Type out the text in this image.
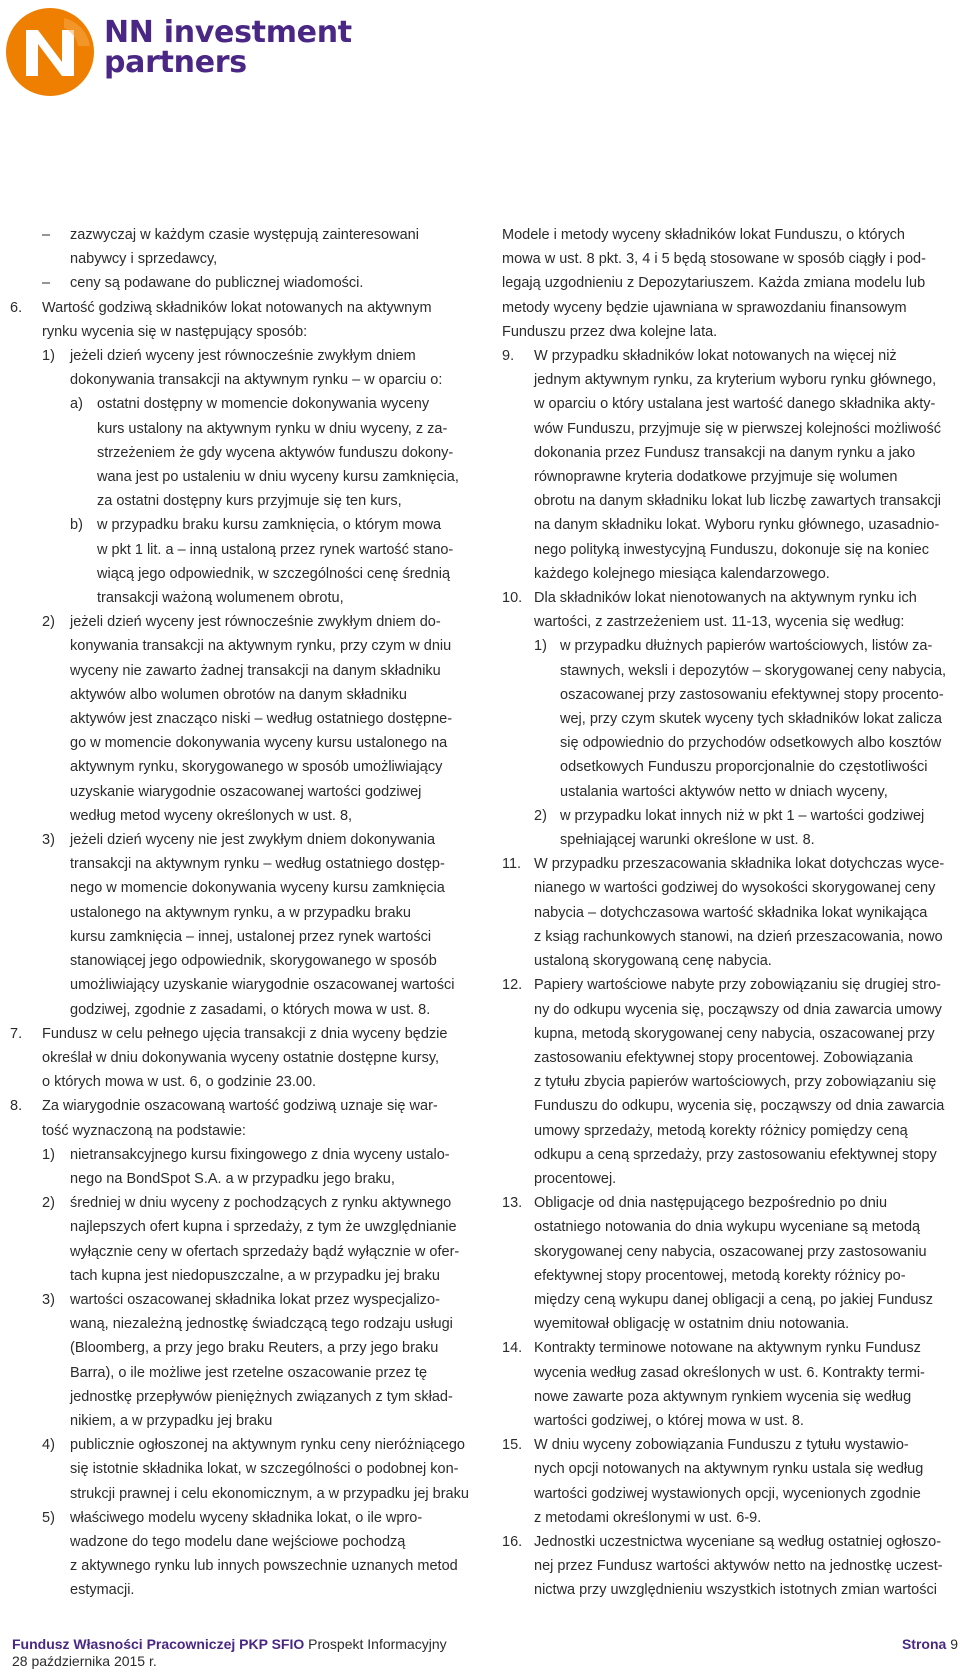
NN investment
partners
–	zazwyczaj w każdym czasie występują zainteresowani
nabywcy i sprzedawcy,
–	ceny są podawane do publicznej wiadomości.
6.	Wartość godziwą składników lokat notowanych na aktywnym
rynku wycenia się w następujący sposób:
1)	jeżeli dzień wyceny jest równocześnie zwykłym dniem
dokonywania transakcji na aktywnym rynku – w oparciu o:
a) ostatni dostępny w momencie dokonywania wyceny
kurs ustalony na aktywnym rynku w dniu wyceny, z za-
strzeżeniem że gdy wycena aktywów funduszu dokony-
wana jest po ustaleniu w dniu wyceny kursu zamknięcia,
za ostatni dostępny kurs przyjmuje się ten kurs,
b) w przypadku braku kursu zamknięcia, o którym mowa
w pkt 1 lit. a – inną ustaloną przez rynek wartość stano-
wiącą jego odpowiednik, w szczególności cenę średnią
transakcji ważoną wolumenem obrotu,
2)	jeżeli dzień wyceny jest równocześnie zwykłym dniem do-
konywania transakcji na aktywnym rynku, przy czym w dniu
wyceny nie zawarto żadnej transakcji na danym składniku
aktywów albo wolumen obrotów na danym składniku
aktywów jest znacząco niski – według ostatniego dostępne-
go w momencie dokonywania wyceny kursu ustalonego na
aktywnym rynku, skorygowanego w sposób umożliwiający
uzyskanie wiarygodnie oszacowanej wartości godziwej
według metod wyceny określonych w ust. 8,
3)	jeżeli dzień wyceny nie jest zwykłym dniem dokonywania
transakcji na aktywnym rynku – według ostatniego dostęp-
nego w momencie dokonywania wyceny kursu zamknięcia
ustalonego na aktywnym rynku, a w przypadku braku
kursu zamknięcia – innej, ustalonej przez rynek wartości
stanowiącej jego odpowiednik, skorygowanego w sposób
umożliwiający uzyskanie wiarygodnie oszacowanej wartości
godziwej, zgodnie z zasadami, o których mowa w ust. 8.
7.	Fundusz w celu pełnego ujęcia transakcji z dnia wyceny będzie
określał w dniu dokonywania wyceny ostatnie dostępne kursy,
o których mowa w ust. 6, o godzinie 23.00.
8.	Za wiarygodnie oszacowaną wartość godziwą uznaje się war-
tość wyznaczoną na podstawie:
1)	nietransakcyjnego kursu fixingowego z dnia wyceny ustalo-
nego na BondSpot S.A. a w przypadku jego braku,
2)	średniej w dniu wyceny z pochodzących z rynku aktywnego
najlepszych ofert kupna i sprzedaży, z tym że uwzględnianie
wyłącznie ceny w ofertach sprzedaży bądź wyłącznie w ofer-
tach kupna jest niedopuszczalne, a w przypadku jej braku
3)	wartości oszacowanej składnika lokat przez wyspecjalizo-
waną, niezależną jednostkę świadczącą tego rodzaju usługi
(Bloomberg, a przy jego braku Reuters, a przy jego braku
Barra), o ile możliwe jest rzetelne oszacowanie przez tę
jednostkę przepływów pieniężnych związanych z tym skład-
nikiem, a w przypadku jej braku
4)	publicznie ogłoszonej na aktywnym rynku ceny nieróżniącego
się istotnie składnika lokat, w szczególności o podobnej kon-
strukcji prawnej i celu ekonomicznym, a w przypadku jej braku
5)	właściwego modelu wyceny składnika lokat, o ile wpro-
wadzone do tego modelu dane wejściowe pochodzą
z aktywnego rynku lub innych powszechnie uznanych metod
estymacji.
Modele i metody wyceny składników lokat Funduszu, o których
mowa w ust. 8 pkt. 3, 4 i 5 będą stosowane w sposób ciągły i pod-
legają uzgodnieniu z Depozytariuszem. Każda zmiana modelu lub
metody wyceny będzie ujawniana w sprawozdaniu finansowym
Funduszu przez dwa kolejne lata.
9.	W przypadku składników lokat notowanych na więcej niż
jednym aktywnym rynku, za kryterium wyboru rynku głównego,
w oparciu o który ustalana jest wartość danego składnika akty-
wów Funduszu, przyjmuje się w pierwszej kolejności możliwość
dokonania przez Fundusz transakcji na danym rynku a jako
równoprawne kryteria dodatkowe przyjmuje się wolumen
obrotu na danym składniku lokat lub liczbę zawartych transakcji
na danym składniku lokat. Wyboru rynku głównego, uzasadnio-
nego polityką inwestycyjną Funduszu, dokonuje się na koniec
każdego kolejnego miesiąca kalendarzowego.
10. Dla składników lokat nienotowanych na aktywnym rynku ich
wartości, z zastrzeżeniem ust. 11-13, wycenia się według:
1) w przypadku dłużnych papierów wartościowych, listów za-
stawnych, weksli i depozytów – skorygowanej ceny nabycia,
oszacowanej przy zastosowaniu efektywnej stopy procento-
wej, przy czym skutek wyceny tych składników lokat zalicza
się odpowiednio do przychodów odsetkowych albo kosztów
odsetkowych Funduszu proporcjonalnie do częstotliwości
ustalania wartości aktywów netto w dniach wyceny,
2) w przypadku lokat innych niż w pkt 1 – wartości godziwej
spełniającej warunki określone w ust. 8.
11. W przypadku przeszacowania składnika lokat dotychczas wyce-
nianego w wartości godziwej do wysokości skorygowanej ceny
nabycia – dotychczasowa wartość składnika lokat wynikająca
z ksiąg rachunkowych stanowi, na dzień przeszacowania, nowo
ustaloną skorygowaną cenę nabycia.
12. Papiery wartościowe nabyte przy zobowiązaniu się drugiej stro-
ny do odkupu wycenia się, począwszy od dnia zawarcia umowy
kupna, metodą skorygowanej ceny nabycia, oszacowanej przy
zastosowaniu efektywnej stopy procentowej. Zobowiązania
z tytułu zbycia papierów wartościowych, przy zobowiązaniu się
Funduszu do odkupu, wycenia się, począwszy od dnia zawarcia
umowy sprzedaży, metodą korekty różnicy pomiędzy ceną
odkupu a ceną sprzedaży, przy zastosowaniu efektywnej stopy
procentowej.
13. Obligacje od dnia następującego bezpośrednio po dniu
ostatniego notowania do dnia wykupu wyceniane są metodą
skorygowanej ceny nabycia, oszacowanej przy zastosowaniu
efektywnej stopy procentowej, metodą korekty różnicy po-
między ceną wykupu danej obligacji a ceną, po jakiej Fundusz
wyemitował obligację w ostatnim dniu notowania.
14. Kontrakty terminowe notowane na aktywnym rynku Fundusz
wycenia według zasad określonych w ust. 6. Kontrakty termi-
nowe zawarte poza aktywnym rynkiem wycenia się według
wartości godziwej, o której mowa w ust. 8.
15. W dniu wyceny zobowiązania Funduszu z tytułu wystawio-
nych opcji notowanych na aktywnym rynku ustala się według
wartości godziwej wystawionych opcji, wycenionych zgodnie
z metodami określonymi w ust. 6-9.
16. Jednostki uczestnictwa wyceniane są według ostatniej ogłoszo-
nej przez Fundusz wartości aktywów netto na jednostkę uczest-
nictwa przy uwzględnieniu wszystkich istotnych zmian wartości
Fundusz Własności Pracowniczej PKP SFIO Prospekt Informacyjny
28 października 2015 r.
Strona 9
